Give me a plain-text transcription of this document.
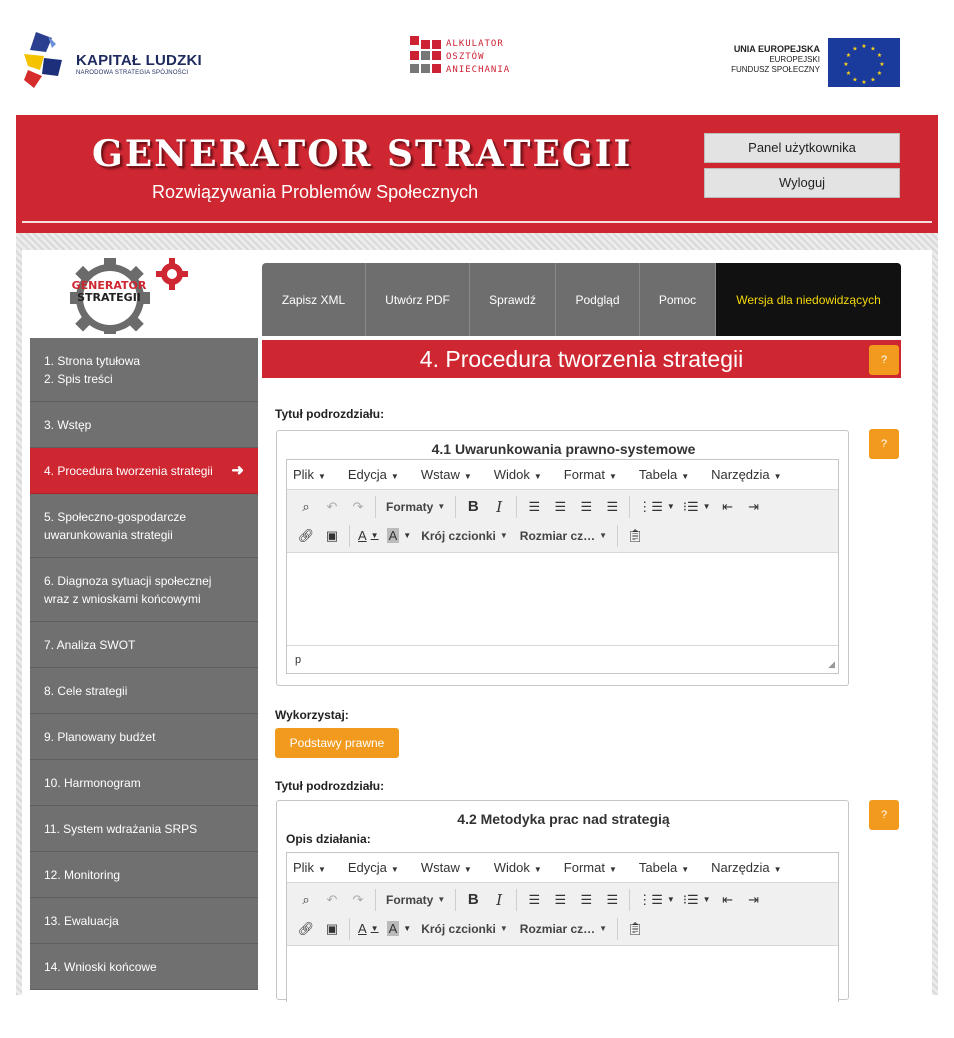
KAPITAŁ LUDZKI
NARODOWA STRATEGIA SPÓJNOŚCI
ALKULATOR
OSZTÓW
ANIECHANIA
UNIA EUROPEJSKA
EUROPEJSKI
FUNDUSZ SPOŁECZNY
★ ★
★
★
★
★
★
★
★
★
★
★
GENERATOR STRATEGII
Rozwiązywania Problemów Społecznych
Panel użytkownika
Wyloguj
GENERATOR
STRATEGII
1. Strona tytułowa
2. Spis treści
3. Wstęp
4. Procedura tworzenia strategii ➜
5. Społeczno-gospodarcze
uwarunkowania strategii
6. Diagnoza sytuacji społecznej
wraz z wnioskami końcowymi
7. Analiza SWOT
8. Cele strategii
9. Planowany budżet
10. Harmonogram
11. System wdrażania SRPS
12. Monitoring
13. Ewaluacja
14. Wnioski końcowe
Zapisz XML	Utwórz PDF	Sprawdź	Podgląd	Pomoc	Wersja dla niedowidzących
4. Procedura tworzenia strategii	?
Tytuł podrozdziału:
4.1 Uwarunkowania prawno-systemowe	?
Plik ▼ Edycja ▼ Wstaw ▼ Widok ▼ Format ▼ Tabela ▼ Narzędzia ▼
⌕	↶	↷	Formaty ▼	B	I	☰	☰	☰	☰	⋮☰ ▼ ⁝☰ ▼ ⇤	⇥
🔗︎ ▣	A ▼ A ▼ Krój czcionki ▼ Rozmiar cz… ▼	📋︎
p	◢
Wykorzystaj:
Podstawy prawne
Tytuł podrozdziału:
4.2 Metodyka prac nad strategią
Opis działania:
?
Plik ▼ Edycja ▼ Wstaw ▼ Widok ▼ Format ▼ Tabela ▼ Narzędzia ▼
⌕	↶	↷	Formaty ▼	B	I	☰	☰	☰	☰	⋮☰ ▼ ⁝☰ ▼ ⇤	⇥
🔗︎ ▣	A ▼ A ▼ Krój czcionki ▼ Rozmiar cz… ▼	📋︎
